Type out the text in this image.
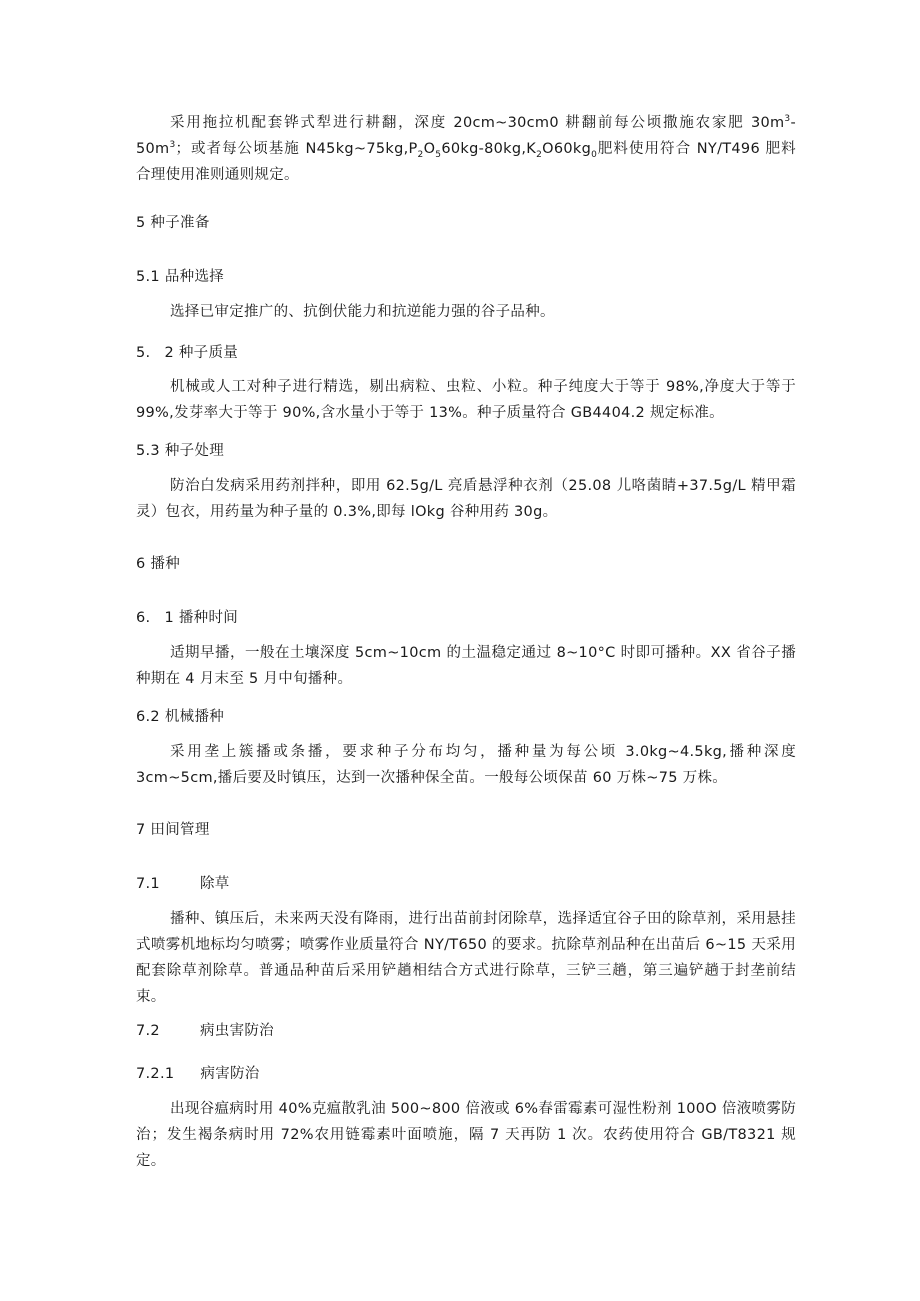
采用拖拉机配套铧式犁进行耕翻，深度 20cm~30cm0 耕翻前每公顷撒施农家肥 $30m^3-50m^3$；或者每公顷基施 $N45kg\sim 75kg,P_2O_560kg-80kg,K_2O60kg_0$肥料使用符合 NY/T496 肥料合理使用准则通则规定。

5 种子准备
5.1 品种选择

选择已审定推广的、抗倒伏能力和抗逆能力强的谷子品种。

5. 2 种子质量

机械或人工对种子进行精选，剔出病粒、虫粒、小粒。种子纯度大于等于 98%,净度大于等于 99%,发芽率大于等于 90%,含水量小于等于 13%。种子质量符合 GB4404.2 规定标准。

5.3 种子处理

防治白发病采用药剂拌种，即用 62.5g/L 亮盾悬浮种衣剂（25.08 儿咯菌睛+37.5g/L 精甲霜灵）包衣，用药量为种子量的 0.3%,即每 lOkg 谷种用药 30g。

6 播种
6. 1 播种时间

适期早播，一般在土壤深度 5cm~10cm 的土温稳定通过 8~10°C 时即可播种。XX 省谷子播种期在 4 月末至 5 月中旬播种。

6.2 机械播种

采用垄上簇播或条播，要求种子分布均匀，播种量为每公顷 3.0kg~4.5kg,播种深度 3cm~5cm,播后要及时镇压，达到一次播种保全苗。一般每公顷保苗 60 万株~75 万株。

7 田间管理
7.1	除草

播种、镇压后，未来两天没有降雨，进行出苗前封闭除草，选择适宜谷子田的除草剂，采用悬挂式喷雾机地标均匀喷雾；喷雾作业质量符合 NY/T650 的要求。抗除草剂品种在出苗后 6~15 天采用配套除草剂除草。普通品种苗后采用铲趟相结合方式进行除草，三铲三趟，第三遍铲趟于封垄前结束。

7.2	病虫害防治
7.2.1 病害防治

出现谷瘟病时用 40%克瘟散乳油 500~800 倍液或 6%春雷霉素可湿性粉剂 100O 倍液喷雾防治；发生褐条病时用 72%农用链霉素叶面喷施，隔 7 天再防 1 次。农药使用符合 GB/T8321 规定。
